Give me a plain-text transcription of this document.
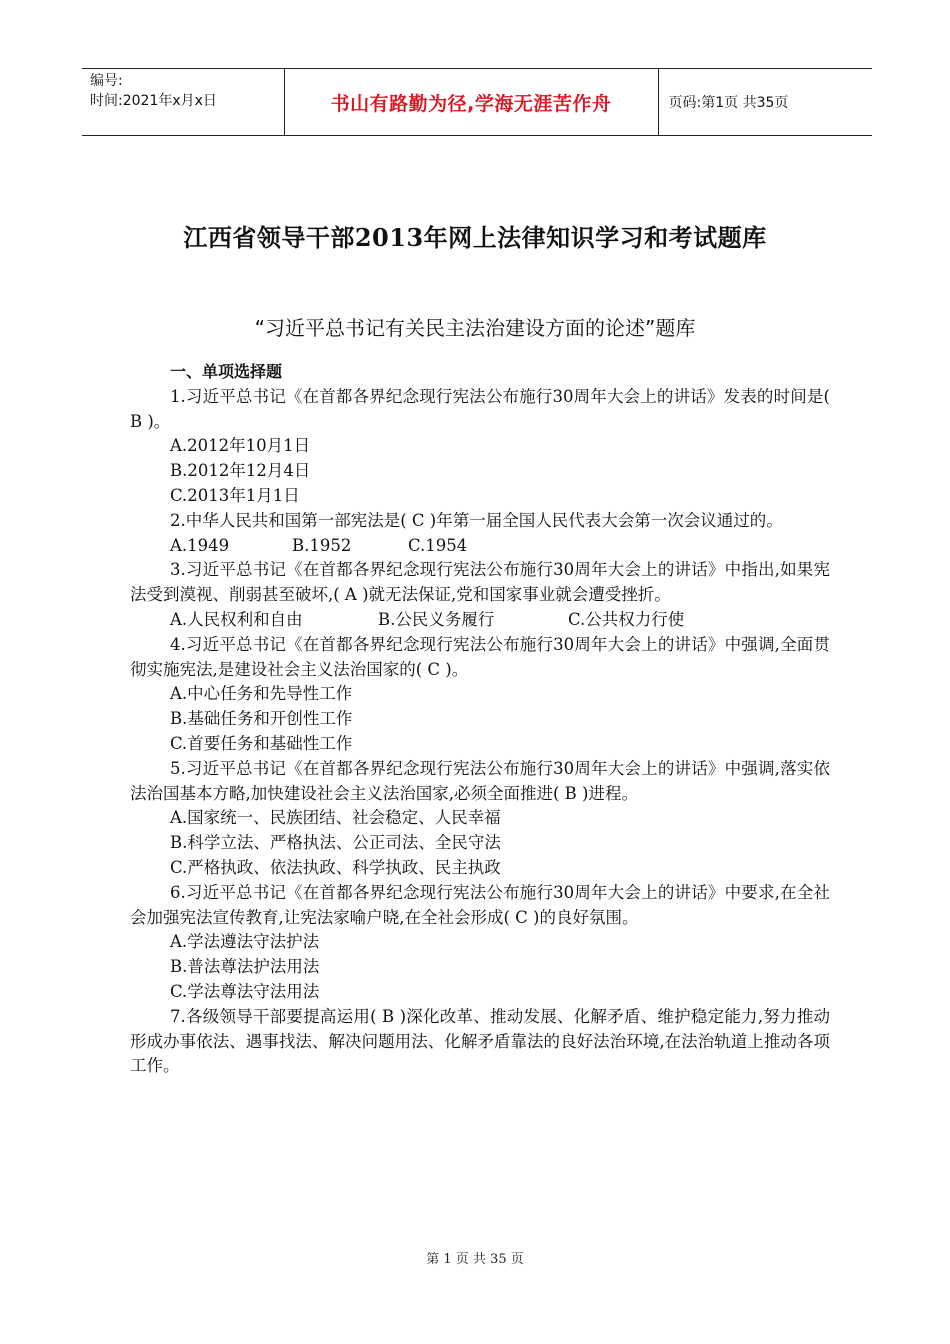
编号:
时间:2021年x月x日	书山有路勤为径,学海无涯苦作舟	页码:第1页 共35页
江西省领导干部2013年网上法律知识学习和考试题库
“习近平总书记有关民主法治建设方面的论述”题库

一、单项选择题

1.习近平总书记《在首都各界纪念现行宪法公布施行30周年大会上的讲话》发表的时间是( B )。

A.2012年10月1日

B.2012年12月4日

C.2013年1月1日

2.中华人民共和国第一部宪法是( C )年第一届全国人民代表大会第一次会议通过的。

A.1949	B.1952	C.1954

3.习近平总书记《在首都各界纪念现行宪法公布施行30周年大会上的讲话》中指出,如果宪法受到漠视、削弱甚至破坏,( A )就无法保证,党和国家事业就会遭受挫折。

A.人民权利和自由	B.公民义务履行	C.公共权力行使

4.习近平总书记《在首都各界纪念现行宪法公布施行30周年大会上的讲话》中强调,全面贯彻实施宪法,是建设社会主义法治国家的( C )。

A.中心任务和先导性工作

B.基础任务和开创性工作

C.首要任务和基础性工作

5.习近平总书记《在首都各界纪念现行宪法公布施行30周年大会上的讲话》中强调,落实依法治国基本方略,加快建设社会主义法治国家,必须全面推进( B )进程。

A.国家统一、民族团结、社会稳定、人民幸福

B.科学立法、严格执法、公正司法、全民守法

C.严格执政、依法执政、科学执政、民主执政

6.习近平总书记《在首都各界纪念现行宪法公布施行30周年大会上的讲话》中要求,在全社会加强宪法宣传教育,让宪法家喻户晓,在全社会形成( C )的良好氛围。

A.学法遵法守法护法

B.普法尊法护法用法

C.学法尊法守法用法

7.各级领导干部要提高运用( B )深化改革、推动发展、化解矛盾、维护稳定能力,努力推动形成办事依法、遇事找法、解决问题用法、化解矛盾靠法的良好法治环境,在法治轨道上推动各项工作。

第 1 页 共 35 页
